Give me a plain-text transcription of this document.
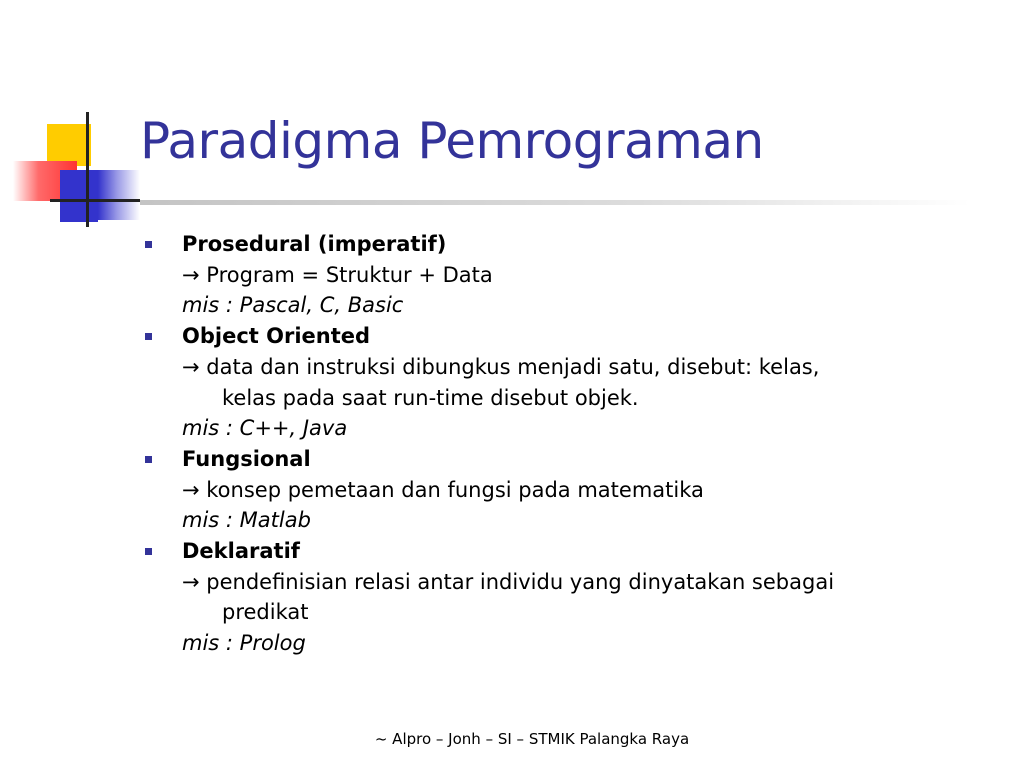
Paradigma Pemrograman
Prosedural (imperatif)
→ Program = Struktur + Data
mis : Pascal, C, Basic
Object Oriented
→ data dan instruksi dibungkus menjadi satu, disebut: kelas,
kelas pada saat run-time disebut objek.
mis : C++, Java
Fungsional
→ konsep pemetaan dan fungsi pada matematika
mis : Matlab
Deklaratif
→ pendefinisian relasi antar individu yang dinyatakan sebagai
predikat
mis : Prolog
~ Alpro – Jonh – SI – STMIK Palangka Raya
